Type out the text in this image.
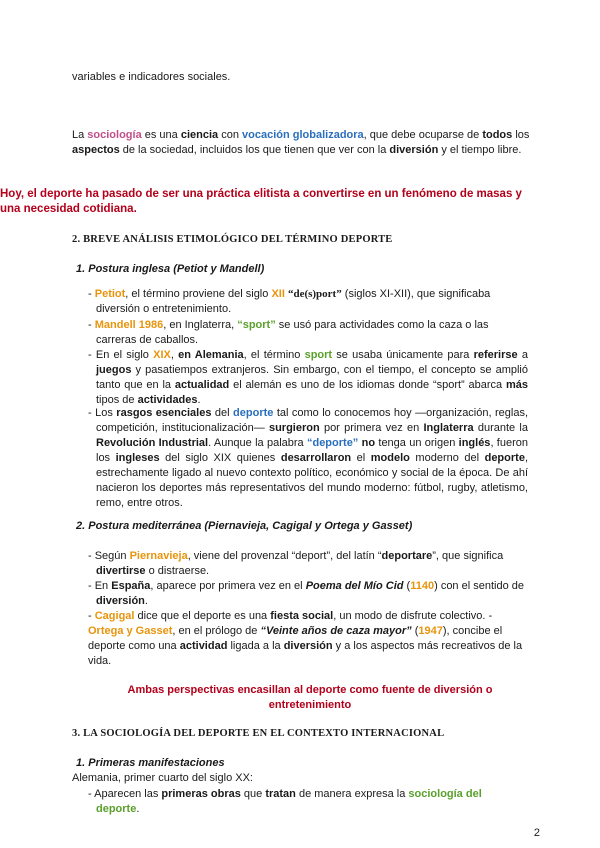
variables e indicadores sociales.
La sociología es una ciencia con vocación globalizadora, que debe ocuparse de todos los aspectos de la sociedad, incluidos los que tienen que ver con la diversión y el tiempo libre.
Hoy, el deporte ha pasado de ser una práctica elitista a convertirse en un fenómeno de masas y una necesidad cotidiana.
2. BREVE ANÁLISIS ETIMOLÓGICO DEL TÉRMINO DEPORTE
1. Postura inglesa (Petiot y Mandell)
- Petiot, el término proviene del siglo XII “de(s)port” (siglos XI-XII), que significaba diversión o entretenimiento.
- Mandell 1986, en Inglaterra, “sport” se usó para actividades como la caza o las carreras de caballos.
- En el siglo XIX, en Alemania, el término sport se usaba únicamente para referirse a juegos y pasatiempos extranjeros. Sin embargo, con el tiempo, el concepto se amplió tanto que en la actualidad el alemán es uno de los idiomas donde “sport” abarca más tipos de actividades.
- Los rasgos esenciales del deporte tal como lo conocemos hoy —organización, reglas, competición, institucionalización— surgieron por primera vez en Inglaterra durante la Revolución Industrial. Aunque la palabra “deporte” no tenga un origen inglés, fueron los ingleses del siglo XIX quienes desarrollaron el modelo moderno del deporte, estrechamente ligado al nuevo contexto político, económico y social de la época. De ahí nacieron los deportes más representativos del mundo moderno: fútbol, rugby, atletismo, remo, entre otros.
2. Postura mediterránea (Piernavieja, Cagigal y Ortega y Gasset)
- Según Piernavieja, viene del provenzal “deport”, del latín “deportare”, que significa divertirse o distraerse.
- En España, aparece por primera vez en el Poema del Mío Cid (1140) con el sentido de diversión.
- Cagigal dice que el deporte es una fiesta social, un modo de disfrute colectivo. - Ortega y Gasset, en el prólogo de “Veinte años de caza mayor” (1947), concibe el deporte como una actividad ligada a la diversión y a los aspectos más recreativos de la vida.
Ambas perspectivas encasillan al deporte como fuente de diversión o entretenimiento
3. LA SOCIOLOGÍA DEL DEPORTE EN EL CONTEXTO INTERNACIONAL
1. Primeras manifestaciones
Alemania, primer cuarto del siglo XX:
- Aparecen las primeras obras que tratan de manera expresa la sociología del deporte.
2
